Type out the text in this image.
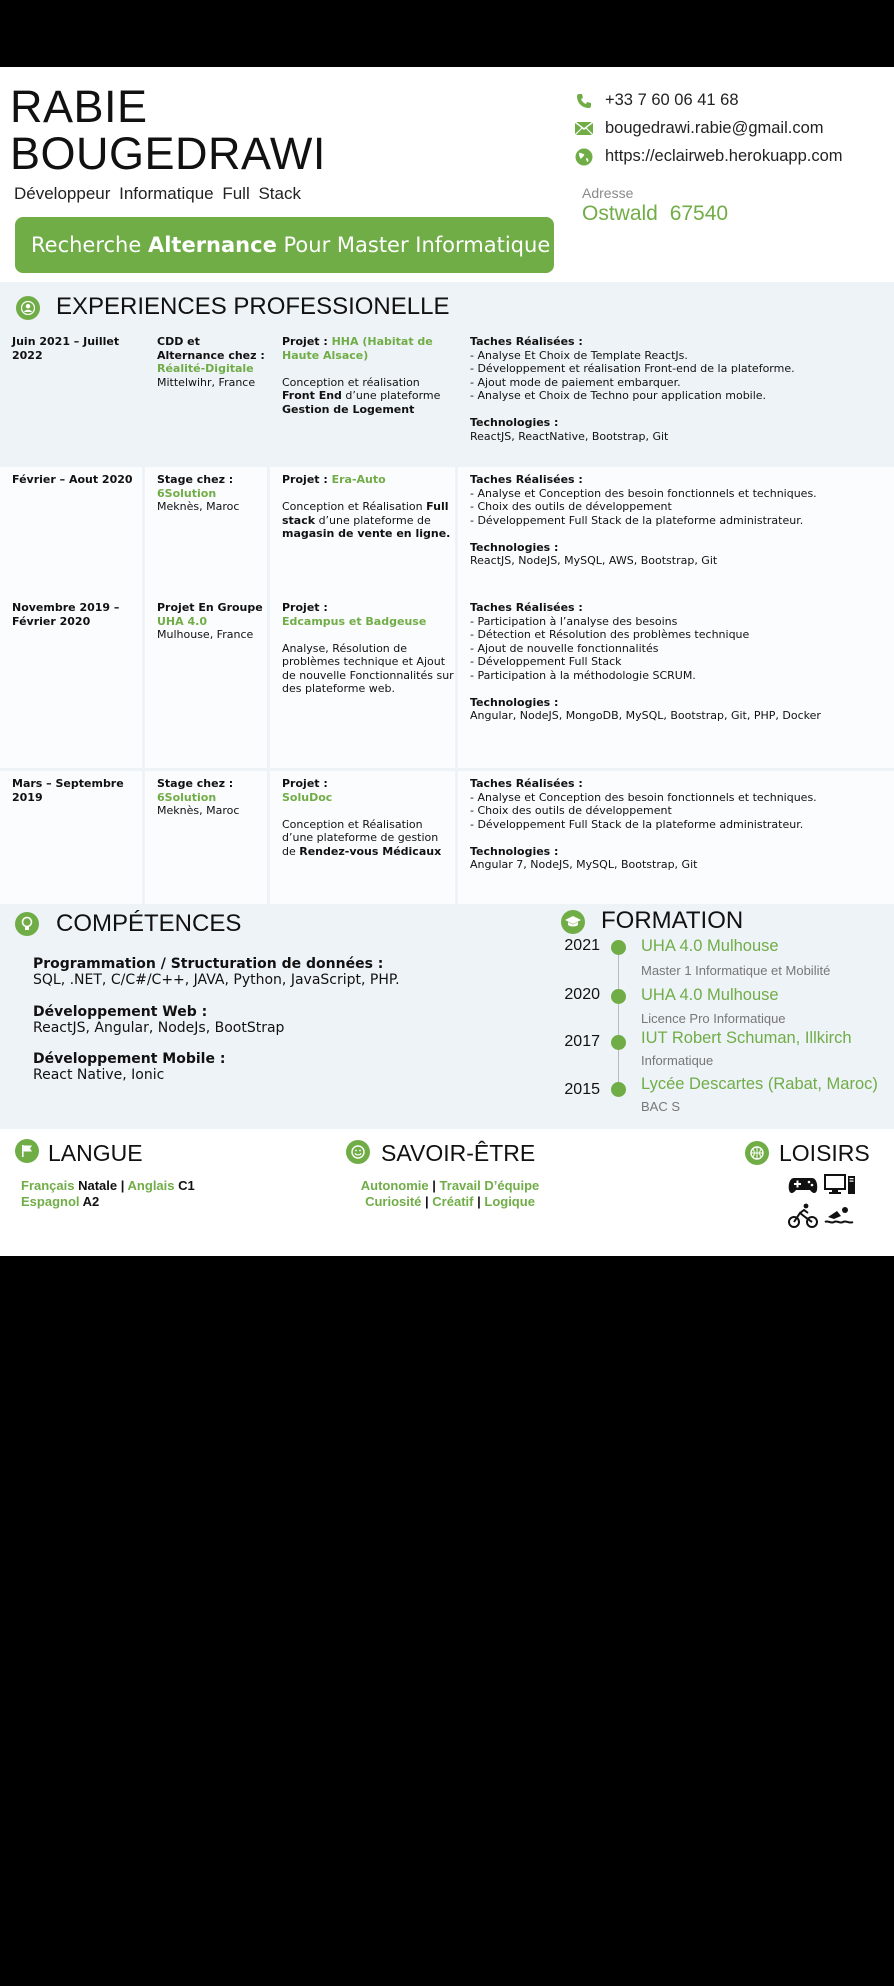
RABIE
BOUGEDRAWI
Développeur Informatique Full Stack
Recherche Alternance Pour Master Informatique
+33 7 60 06 41 68
bougedrawi.rabie@gmail.com
https://eclairweb.herokuapp.com
Adresse
Ostwald 67540
EXPERIENCES PROFESSIONELLE
Juin 2021 – Juillet 2022
CDD et Alternance chez :
Réalité-Digitale
Mittelwihr, France
Projet : HHA (Habitat de Haute Alsace)
Conception et réalisation Front End d’une plateforme Gestion de Logement
Taches Réalisées :
- Analyse Et Choix de Template ReactJs.
- Développement et réalisation Front-end de la plateforme.
- Ajout mode de paiement embarquer.
- Analyse et Choix de Techno pour application mobile.
Technologies :
ReactJS, ReactNative, Bootstrap, Git
Février – Aout 2020	Stage chez :
6Solution
Meknès, Maroc
Projet : Era-Auto
Conception et Réalisation Full stack d’une plateforme de magasin de vente en ligne.
Taches Réalisées :
- Analyse et Conception des besoin fonctionnels et techniques.
- Choix des outils de développement
- Développement Full Stack de la plateforme administrateur.
Technologies :
ReactJS, NodeJS, MySQL, AWS, Bootstrap, Git
Novembre 2019 – Février 2020
Projet En Groupe
UHA 4.0
Mulhouse, France
Projet :
Edcampus et Badgeuse
Analyse, Résolution de problèmes technique et Ajout de nouvelle Fonctionnalités sur des plateforme web.
Taches Réalisées :
- Participation à l’analyse des besoins
- Détection et Résolution des problèmes technique
- Ajout de nouvelle fonctionnalités
- Développement Full Stack
- Participation à la méthodologie SCRUM.
Technologies :
Angular, NodeJS, MongoDB, MySQL, Bootstrap, Git, PHP, Docker
Mars – Septembre 2019
Stage chez :
6Solution
Meknès, Maroc
Projet :
SoluDoc
Conception et Réalisation d’une plateforme de gestion de Rendez-vous Médicaux
Taches Réalisées :
- Analyse et Conception des besoin fonctionnels et techniques.
- Choix des outils de développement
- Développement Full Stack de la plateforme administrateur.
Technologies :
Angular 7, NodeJS, MySQL, Bootstrap, Git
COMPÉTENCES
Programmation / Structuration de données :
SQL, .NET, C/C#/C++, JAVA, Python, JavaScript, PHP.
Développement Web :
ReactJS, Angular, NodeJs, BootStrap
Développement Mobile :
React Native, Ionic
FORMATION
2021 UHA 4.0 Mulhouse
Master 1 Informatique et Mobilité
2020 UHA 4.0 Mulhouse
Licence Pro Informatique
2017 IUT Robert Schuman, Illkirch
Informatique
2015 Lycée Descartes (Rabat, Maroc)
BAC S
LANGUE
Français Natale | Anglais C1
Espagnol A2
SAVOIR-ÊTRE
Autonomie | Travail D’équipe
Curiosité | Créatif | Logique
LOISIRS
